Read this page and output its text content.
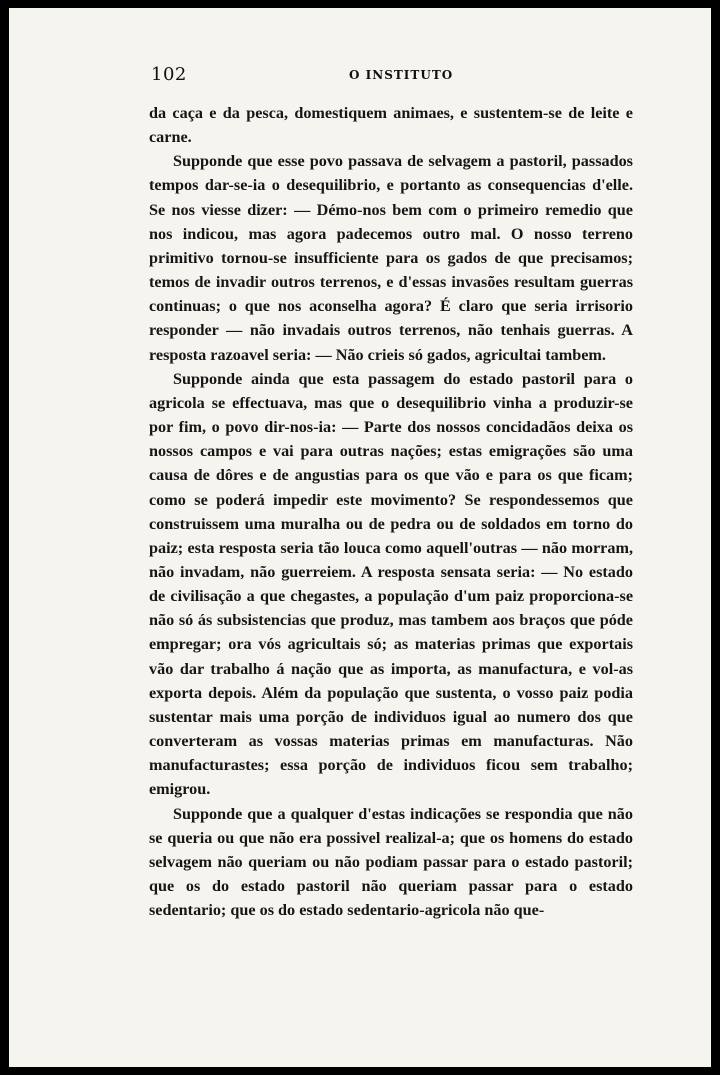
102	O INSTITUTO

da caça e da pesca, domestiquem animaes, e sustentem-se de leite e carne.

Supponde que esse povo passava de selvagem a pastoril, passados tempos dar-se-ia o desequilibrio, e portanto as consequencias d'elle. Se nos viesse dizer: — Démo-nos bem com o primeiro remedio que nos indicou, mas agora padecemos outro mal. O nosso terreno primitivo tornou-se insufficiente para os gados de que precisamos; temos de invadir outros terrenos, e d'essas invasões resultam guerras continuas; o que nos aconselha agora? É claro que seria irrisorio responder — não invadais outros terrenos, não tenhais guerras. A resposta razoavel seria: — Não crieis só gados, agricultai tambem.

Supponde ainda que esta passagem do estado pastoril para o agricola se effectuava, mas que o desequilibrio vinha a produzir-se por fim, o povo dir-nos-ia: — Parte dos nossos concidadãos deixa os nossos campos e vai para outras nações; estas emigrações são uma causa de dôres e de angustias para os que vão e para os que ficam; como se poderá impedir este movimento? Se respondessemos que construissem uma muralha ou de pedra ou de soldados em torno do paiz; esta resposta seria tão louca como aquell'outras — não morram, não invadam, não guerreiem. A resposta sensata seria: — No estado de civilisação a que chegastes, a população d'um paiz proporciona-se não só ás subsistencias que produz, mas tambem aos braços que póde empregar; ora vós agricultais só; as materias primas que exportais vão dar trabalho á nação que as importa, as manufactura, e vol-as exporta depois. Além da população que sustenta, o vosso paiz podia sustentar mais uma porção de individuos igual ao numero dos que converteram as vossas materias primas em manufacturas. Não manufacturastes; essa porção de individuos ficou sem trabalho; emigrou.

Supponde que a qualquer d'estas indicações se respondia que não se queria ou que não era possivel realizal-a; que os homens do estado selvagem não queriam ou não podiam passar para o estado pastoril; que os do estado pastoril não queriam passar para o estado sedentario; que os do estado sedentario-agricola não que-
